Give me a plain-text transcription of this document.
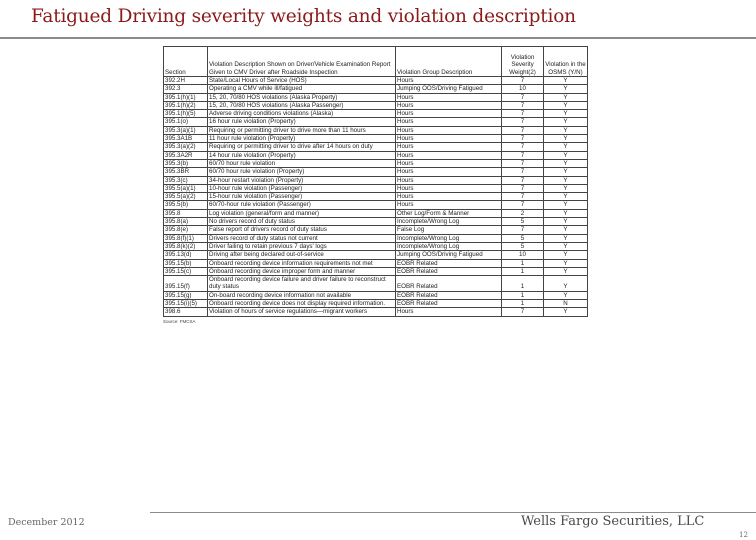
Fatigued Driving severity weights and violation description
Section	Violation Description Shown on Driver/Vehicle Examination Report Given to CMV Driver after Roadside Inspection	Violation Group Description	Violation Severity Weight(2)	Violation in the OSMS (Y/N)
392.2H	State/Local Hours of Service (HOS)	Hours	7	Y
392.3	Operating a CMV while ill/fatigued	Jumping OOS/Driving Fatigued	10	Y
395.1(h)(1)	15, 20, 70/80 HOS violations (Alaska Property)	Hours	7	Y
395.1(h)(2)	15, 20, 70/80 HOS violations (Alaska Passenger)	Hours	7	Y
395.1(h)(5)	Adverse driving conditions violations (Alaska)	Hours	7	Y
395.1(o)	16 hour rule violation (Property)	Hours	7	Y
395.3(a)(1)	Requiring or permitting driver to drive more than 11 hours	Hours	7	Y
395.3A1B	11 hour rule violation (Property)	Hours	7	Y
395.3(a)(2)	Requiring or permitting driver to drive after 14 hours on duty	Hours	7	Y
395.3A2R	14 hour rule violation (Property)	Hours	7	Y
395.3(b)	60/70 hour rule violation	Hours	7	Y
395.3BR	60/70 hour rule violation (Property)	Hours	7	Y
395.3(c)	34-hour restart violation (Property)	Hours	7	Y
395.5(a)(1)	10-hour rule violation (Passenger)	Hours	7	Y
395.5(a)(2)	15-hour rule violation (Passenger)	Hours	7	Y
395.5(b)	60/70-hour rule violation (Passenger)	Hours	7	Y
395.8	Log violation (general/form and manner)	Other Log/Form & Manner	2	Y
395.8(a)	No drivers record of duty status	Incomplete/Wrong Log	5	Y
395.8(e)	False report of drivers record of duty status	False Log	7	Y
395.8(f)(1)	Drivers record of duty status not current	Incomplete/Wrong Log	5	Y
395.8(k)(2)	Driver failing to retain previous 7 days' logs	Incomplete/Wrong Log	5	Y
395.13(d)	Driving after being declared out-of-service	Jumping OOS/Driving Fatigued	10	Y
395.15(b)	Onboard recording device information requirements not met	EOBR Related	1	Y
395.15(c)	Onboard recording device improper form and manner	EOBR Related	1	Y
395.15(f)	Onboard recording device failure and driver failure to reconstruct duty status	EOBR Related	1	Y
395.15(g)	On-board recording device information not available	EOBR Related	1	Y
395.15(i)(5)	Onboard recording device does not display required information.	EOBR Related	1	N
398.6	Violation of hours of service regulations—migrant workers	Hours	7	Y
Source: FMCSA
December 2012	Wells Fargo Securities, LLC
12
